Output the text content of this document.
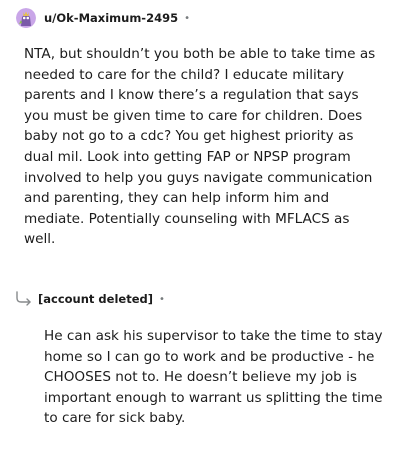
u/Ok-Maximum-2495 •

NTA, but shouldn’t you both be able to take time as needed to care for the child? I educate military parents and I know there’s a regulation that says you must be given time to care for children. Does baby not go to a cdc? You get highest priority as dual mil. Look into getting FAP or NPSP program involved to help you guys navigate communication and parenting, they can help inform him and mediate. Potentially counseling with MFLACS as well.

[account deleted] •

He can ask his supervisor to take the time to stay home so I can go to work and be productive - he CHOOSES not to. He doesn’t believe my job is important enough to warrant us splitting the time to care for sick baby.
